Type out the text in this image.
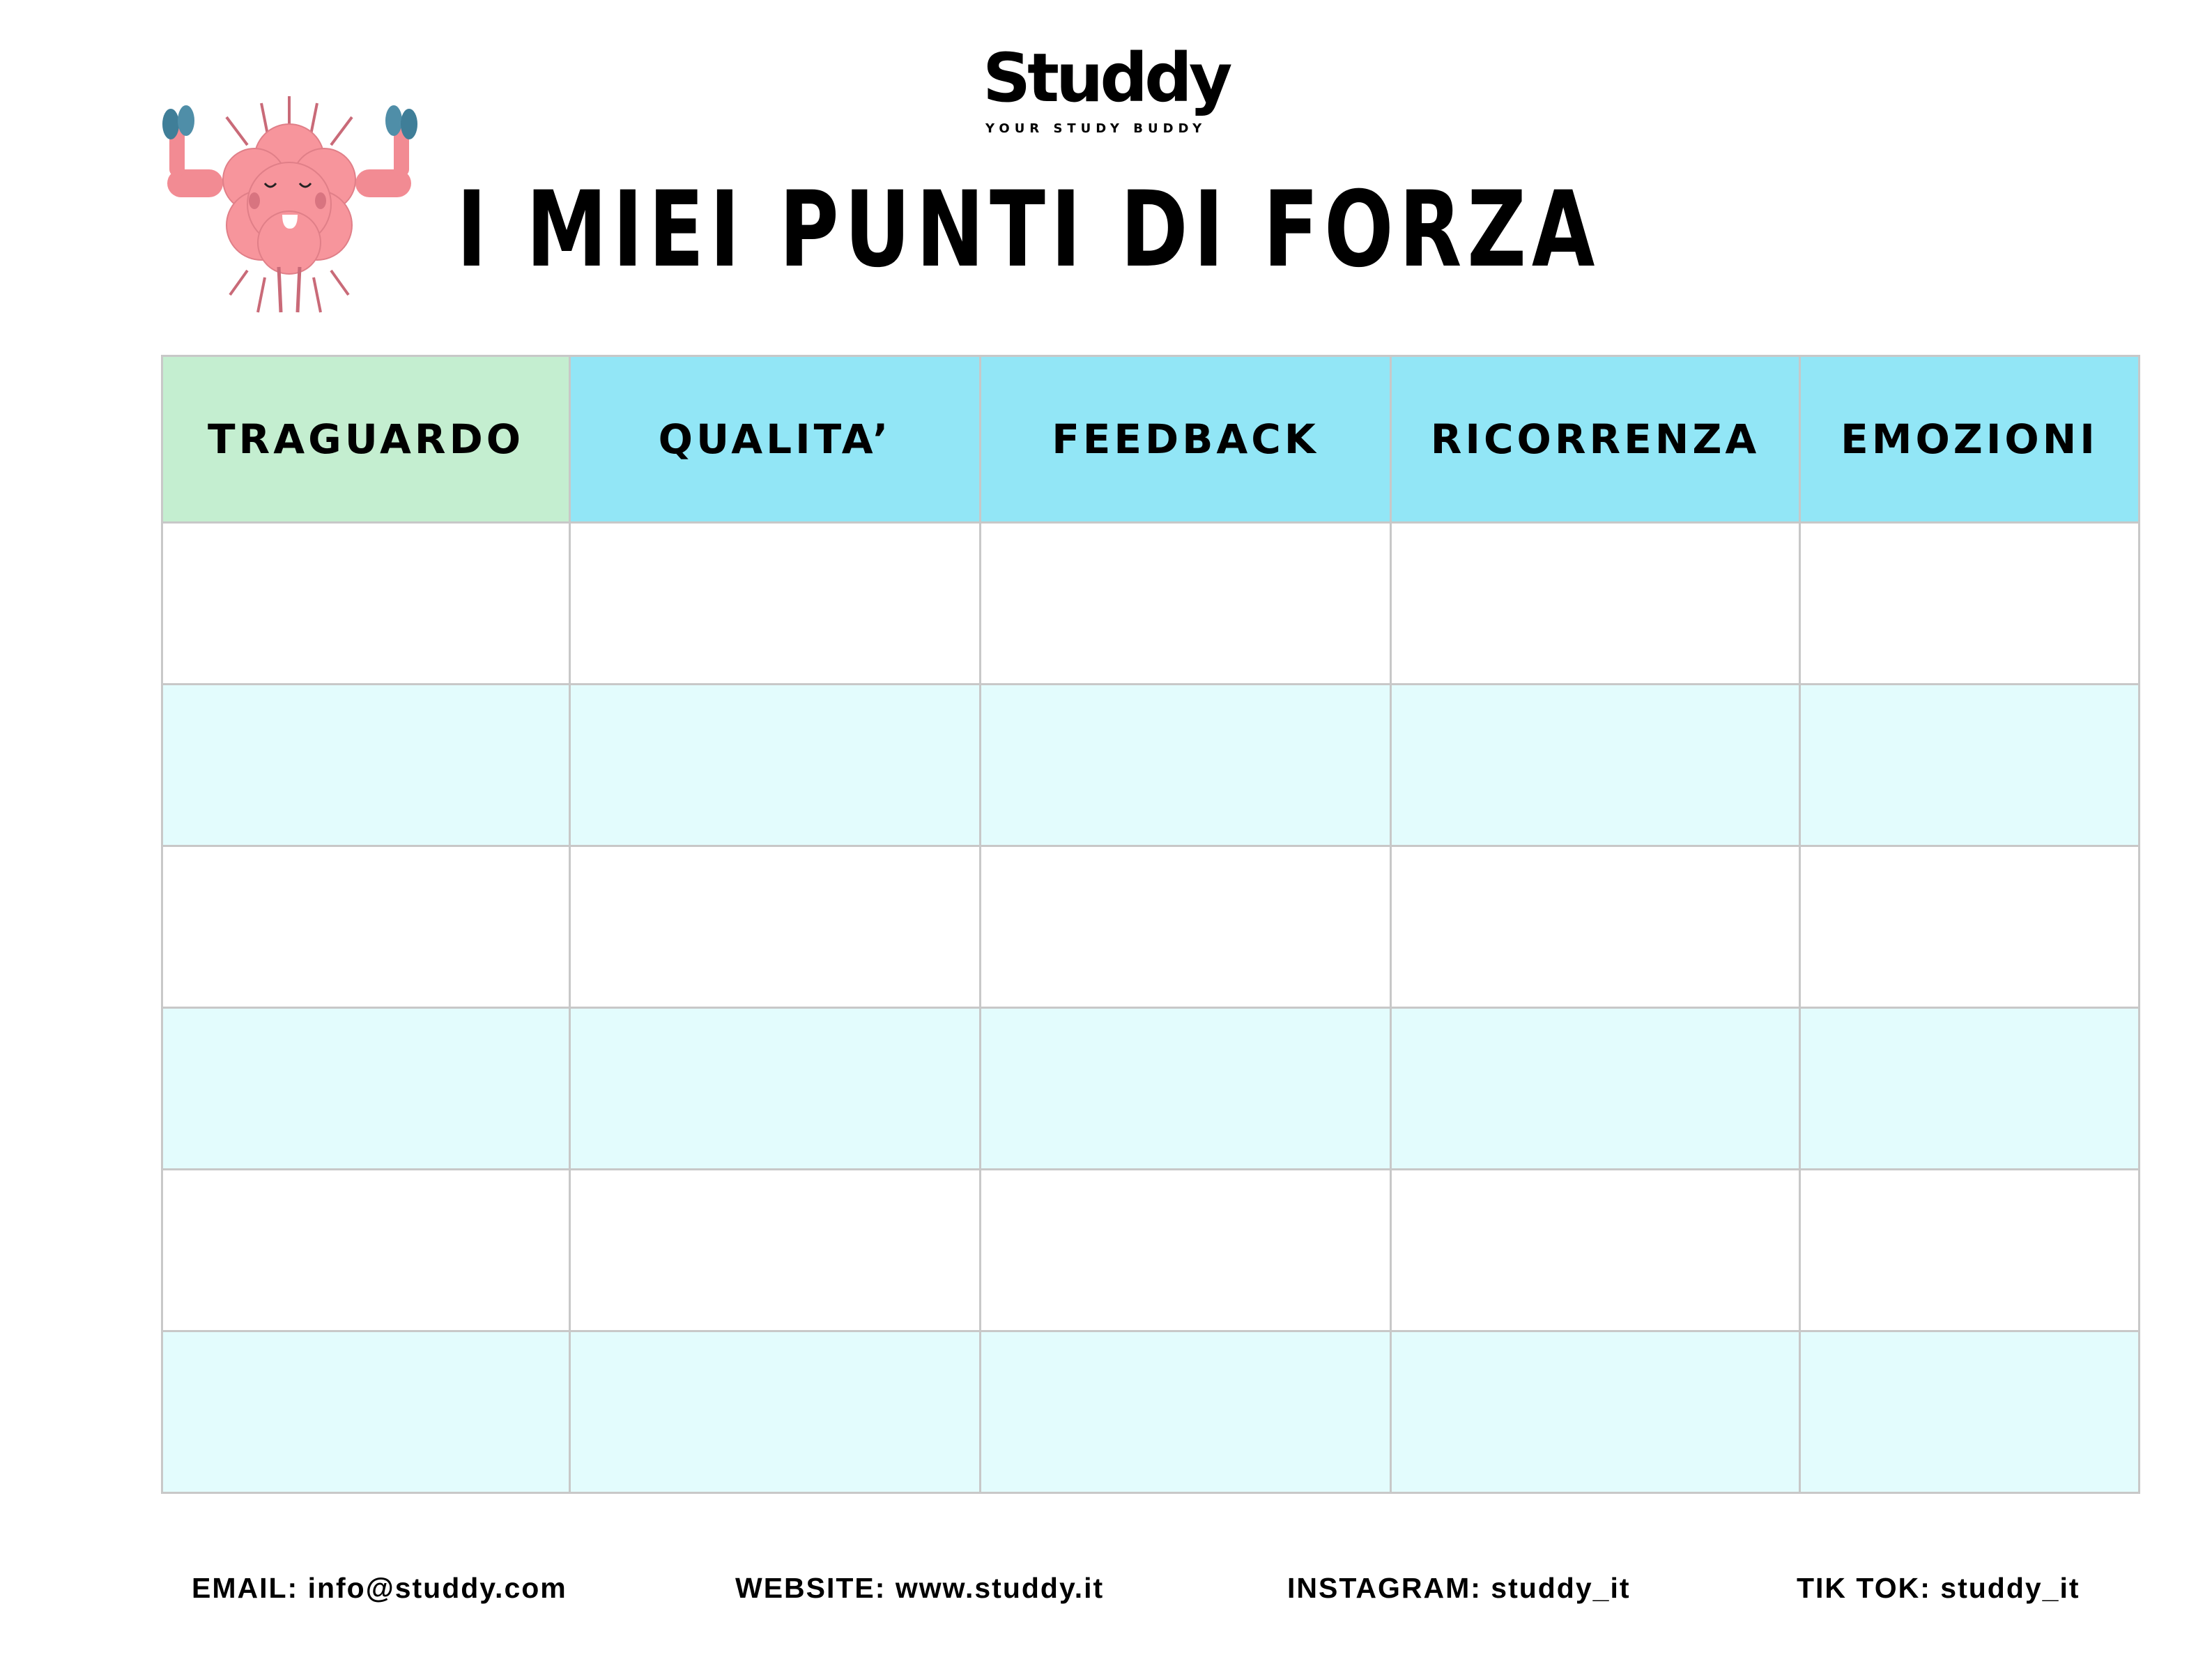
Studdy
YOUR STUDY BUDDY
I MIEI PUNTI DI FORZA
TRAGUARDO	QUALITA’	FEEDBACK	RICORRENZA	EMOZIONI

EMAIL: info@studdy.com	WEBSITE: www.studdy.it	INSTAGRAM: studdy_it	TIK TOK: studdy_it
